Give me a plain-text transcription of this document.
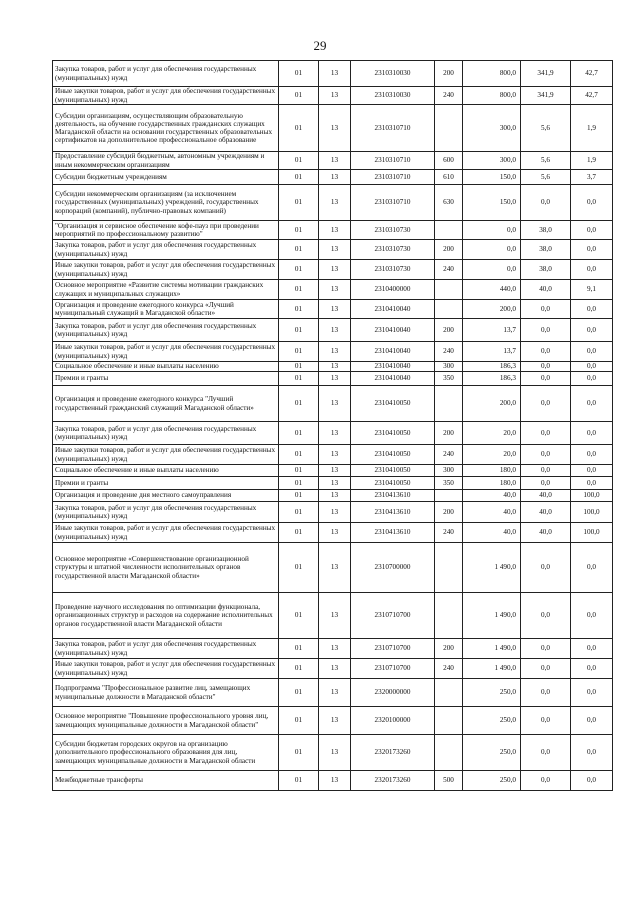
29
Закупка товаров, работ и услуг для обеспечения государственных (муниципальных) нужд	01	13	2310310030	200	800,0	341,9	42,7
Иные закупки товаров, работ и услуг для обеспечения государственных (муниципальных) нужд	01	13	2310310030	240	800,0	341,9	42,7
Субсидии организациям, осуществляющим образовательную деятельность, на обучение государственных гражданских служащих Магаданской области на основании государственных образовательных сертификатов на дополнительное профессиональное образование	01	13	2310310710		300,0	5,6	1,9
Предоставление субсидий бюджетным, автономным учреждениям и иным некоммерческим организациям	01	13	2310310710	600	300,0	5,6	1,9
Субсидии бюджетным учреждениям	01	13	2310310710	610	150,0	5,6	3,7
Субсидии некоммерческим организациям (за исключением государственных (муниципальных) учреждений, государственных корпораций (компаний), публично-правовых компаний)	01	13	2310310710	630	150,0	0,0	0,0
"Организация и сервисное обеспечение кофе-пауз при проведении мероприятий по профессиональному развитию"	01	13	2310310730		0,0	38,0	0,0
Закупка товаров, работ и услуг для обеспечения государственных (муниципальных) нужд	01	13	2310310730	200	0,0	38,0	0,0
Иные закупки товаров, работ и услуг для обеспечения государственных (муниципальных) нужд	01	13	2310310730	240	0,0	38,0	0,0
Основное мероприятие «Развитие системы мотивации гражданских служащих и муниципальных служащих»	01	13	2310400000		440,0	40,0	9,1
Организация и проведение ежегодного конкурса «Лучший муниципальный служащий в Магаданской области»	01	13	2310410040		200,0	0,0	0,0
Закупка товаров, работ и услуг для обеспечения государственных (муниципальных) нужд	01	13	2310410040	200	13,7	0,0	0,0
Иные закупки товаров, работ и услуг для обеспечения государственных (муниципальных) нужд	01	13	2310410040	240	13,7	0,0	0,0
Социальное обеспечение и иные выплаты населению	01	13	2310410040	300	186,3	0,0	0,0
Премии и гранты	01	13	2310410040	350	186,3	0,0	0,0
Организация и проведение ежегодного конкурса "Лучший государственный гражданский служащий Магаданской области»	01	13	2310410050		200,0	0,0	0,0
Закупка товаров, работ и услуг для обеспечения государственных (муниципальных) нужд	01	13	2310410050	200	20,0	0,0	0,0
Иные закупки товаров, работ и услуг для обеспечения государственных (муниципальных) нужд	01	13	2310410050	240	20,0	0,0	0,0
Социальное обеспечение и иные выплаты населению	01	13	2310410050	300	180,0	0,0	0,0
Премии и гранты	01	13	2310410050	350	180,0	0,0	0,0
Организация и проведение дня местного самоуправления	01	13	2310413610		40,0	40,0	100,0
Закупка товаров, работ и услуг для обеспечения государственных (муниципальных) нужд	01	13	2310413610	200	40,0	40,0	100,0
Иные закупки товаров, работ и услуг для обеспечения государственных (муниципальных) нужд	01	13	2310413610	240	40,0	40,0	100,0
Основное мероприятие «Совершенствование организационной структуры и штатной численности исполнительных органов государственной власти Магаданской области»	01	13	2310700000		1 490,0	0,0	0,0
Проведение научного исследования по оптимизации функционала, организационных структур и расходов на содержание исполнительных органов государственной власти Магаданской области	01	13	2310710700		1 490,0	0,0	0,0
Закупка товаров, работ и услуг для обеспечения государственных (муниципальных) нужд	01	13	2310710700	200	1 490,0	0,0	0,0
Иные закупки товаров, работ и услуг для обеспечения государственных (муниципальных) нужд	01	13	2310710700	240	1 490,0	0,0	0,0
Подпрограмма "Профессиональное развитие лиц, замещающих муниципальные должности в Магаданской области"	01	13	2320000000		250,0	0,0	0,0
Основное мероприятие "Повышение профессионального уровня лиц, замещающих муниципальные должности в Магаданской области"	01	13	2320100000		250,0	0,0	0,0
Субсидии бюджетам городских округов на организацию дополнительного профессионального образования для лиц, замещающих муниципальные должности в Магаданской области	01	13	2320173260		250,0	0,0	0,0
Межбюджетные трансферты	01	13	2320173260	500	250,0	0,0	0,0
